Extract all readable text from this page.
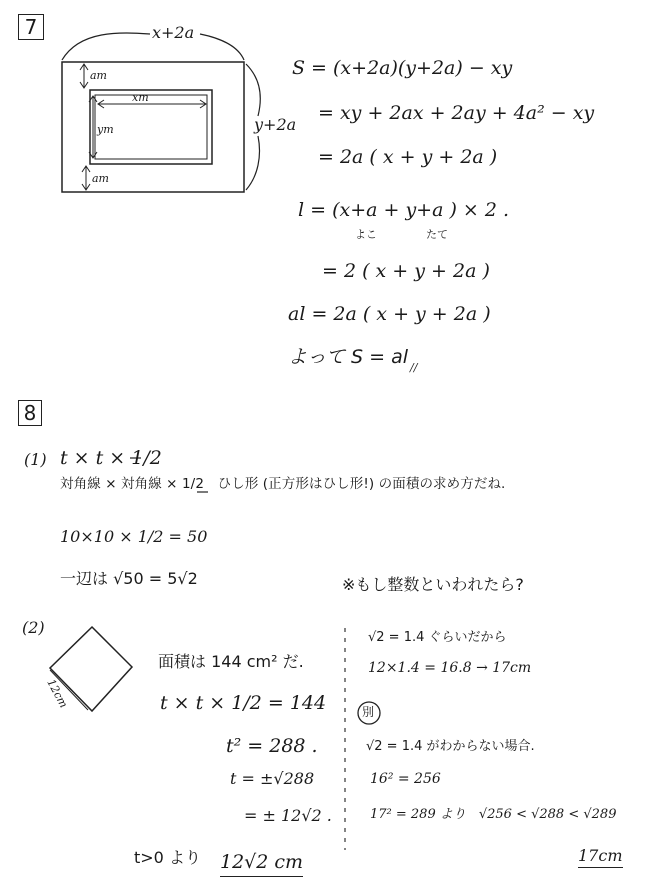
7	x+2a
y+2a
xm
ym
am
am
S = (x+2a)(y+2a) − xy
= xy + 2ax + 2ay + 4a² − xy
= 2a ( x + y + 2a )
l = (x+a + y+a ) × 2 .
よこ	たて
= 2 ( x + y + 2a )
al = 2a ( x + y + 2a )
よって S = al //
8
(1) t × t × 1/2
対角線 × 対角線 × 1/2　ひし形 (正方形はひし形!) の面積の求め方だね.
10×10 × 1/2 = 50
一辺は √50 = 5√2	※もし整数といわれたら?
(2)
12cm
面積は 144 cm² だ.
t × t × 1/2 = 144
t² = 288 .
t = ±√288
= ± 12√2 .
t>0 より 12√2 cm
√2 = 1.4 ぐらいだから
12×1.4 = 16.8 → 17cm
別
√2 = 1.4 がわからない場合.
16² = 256
17² = 289 より　√256 < √288 < √289
17cm
